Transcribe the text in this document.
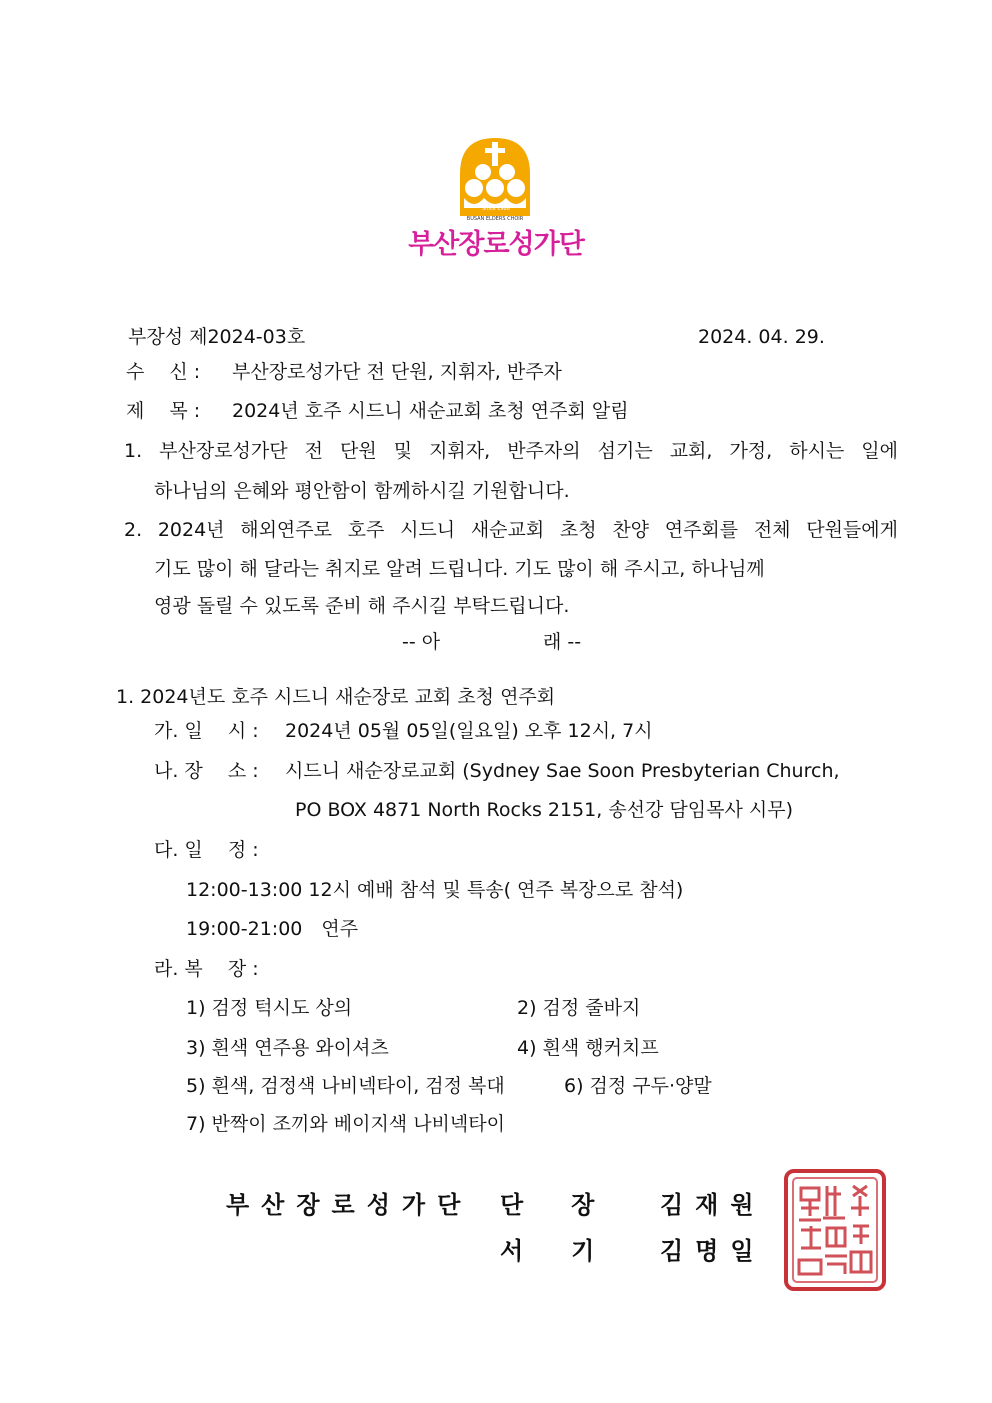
Since 1988
BUSAN ELDERS CHOIR
부산장로성가단
부장성 제2024-03호	2024. 04. 29.
수　 신 : 부산장로성가단 전 단원, 지휘자, 반주자
제　 목 : 2024년 호주 시드니 새순교회 초청 연주회 알림
1. 부산장로성가단 전 단원 및 지휘자, 반주자의 섬기는 교회, 가정, 하시는 일에
하나님의 은혜와 평안함이 함께하시길 기원합니다.
2. 2024년 해외연주로 호주 시드니 새순교회 초청 찬양 연주회를 전체 단원들에게
기도 많이 해 달라는 취지로 알려 드립니다. 기도 많이 해 주시고, 하나님께
영광 돌릴 수 있도록 준비 해 주시길 부탁드립니다.
-- 아	래 --
1. 2024년도 호주 시드니 새순장로 교회 초청 연주회
가. 일　 시 : 2024년 05월 05일(일요일) 오후 12시, 7시
나. 장　 소 : 시드니 새순장로교회 (Sydney Sae Soon Presbyterian Church,
PO BOX 4871 North Rocks 2151, 송선강 담임목사 시무)
다. 일　 정 :
12:00-13:00 12시 예배 참석 및 특송( 연주 복장으로 참석)
19:00-21:00　연주
라. 복　 장 :
1) 검정 턱시도 상의	2) 검정 줄바지
3) 흰색 연주용 와이셔츠	4) 흰색 행커치프
5) 흰색, 검정색 나비넥타이, 검정 복대	6) 검정 구두·양말
7) 반짝이 조끼와 베이지색 나비넥타이
부산장로성가단 단　장 김재원
서　기 김명일
